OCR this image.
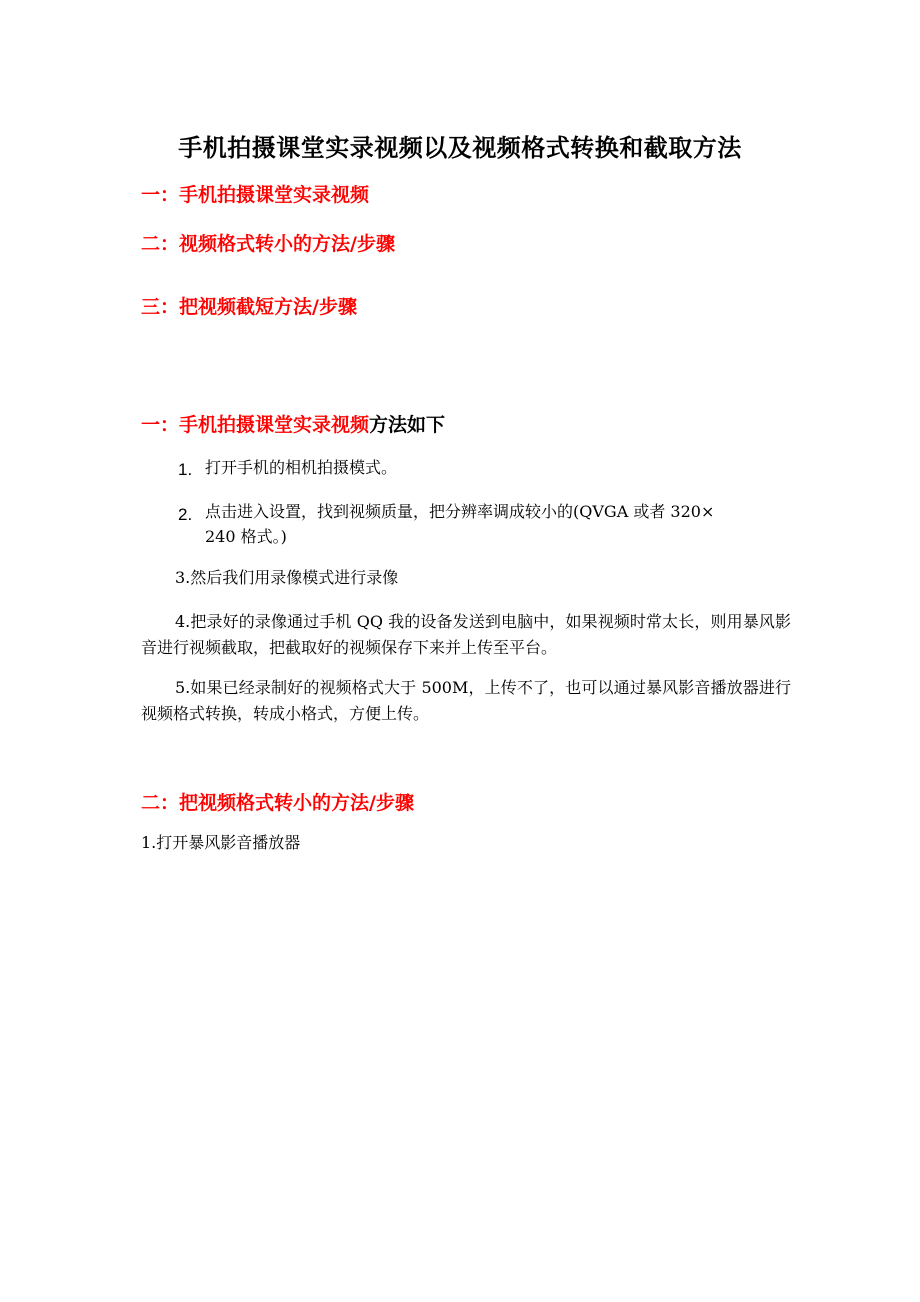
手机拍摄课堂实录视频以及视频格式转换和截取方法
一：手机拍摄课堂实录视频
二：视频格式转小的方法/步骤
三：把视频截短方法/步骤
一：手机拍摄课堂实录视频方法如下
1. 打开手机的相机拍摄模式。
2. 点击进入设置，找到视频质量，把分辨率调成较小的(QVGA 或者 320×
240 格式。)
3.然后我们用录像模式进行录像
4.把录好的录像通过手机 QQ 我的设备发送到电脑中，如果视频时常太长，则用暴风影音进行视频截取，把截取好的视频保存下来并上传至平台。
5.如果已经录制好的视频格式大于 500M，上传不了，也可以通过暴风影音播放器进行视频格式转换，转成小格式，方便上传。
二：把视频格式转小的方法/步骤
1.打开暴风影音播放器
